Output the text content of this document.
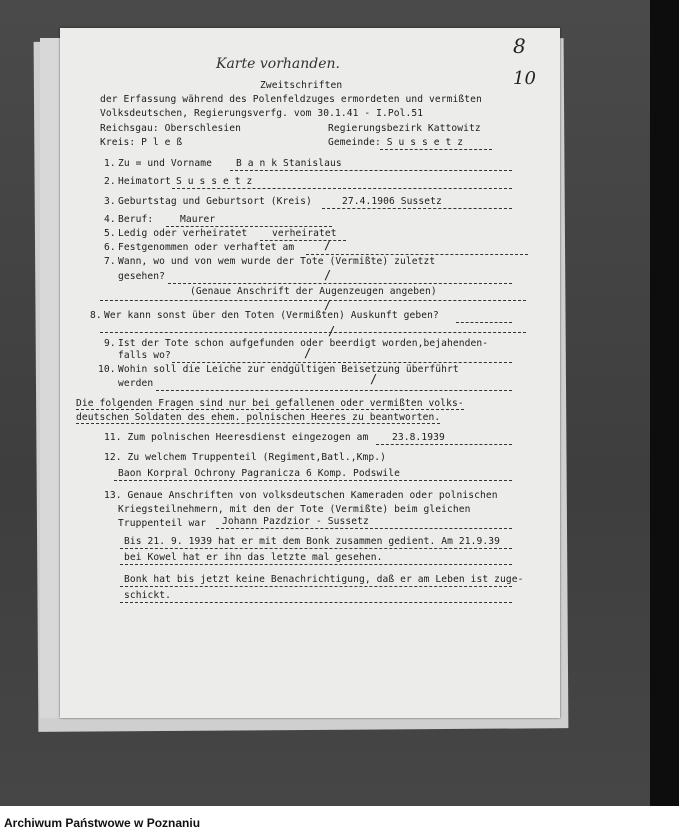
8
10
Karte vorhanden.
Zweitschriften
der Erfassung während des Polenfeldzuges ermordeten und vermißten
Volksdeutschen, Regierungsverfg. vom 30.1.41 - I.Pol.51
Reichsgau: Oberschlesien	Regierungsbezirk Kattowitz
Kreis: P l e ß	Gemeinde: S u s s e t z
1. Zu = und Vorname B a n k Stanislaus
2. Heimatort S u s s e t z
3. Geburtstag und Geburtsort (Kreis)	27.4.1906 Sussetz
4. Beruf:	Maurer
5. Ledig oder verheiratet	verheiratet
6. Festgenommen oder verhaftet am /
7. Wann, wo und von wem wurde der Tote (Vermißte) zuletzt
gesehen?	/
(Genaue Anschrift der Augenzeugen angeben)
/
8. Wer kann sonst über den Toten (Vermißten) Auskunft geben?
/
9. Ist der Tote schon aufgefunden oder beerdigt worden,bejahenden-
falls wo?	/
10. Wohin soll die Leiche zur endgültigen Beisetzung überführt
werden	/
Die folgenden Fragen sind nur bei gefallenen oder vermißten volks-
deutschen Soldaten des ehem. polnischen Heeres zu beantworten.
11. Zum polnischen Heeresdienst eingezogen am 23.8.1939
12. Zu welchem Truppenteil (Regiment,Batl.,Kmp.)
Baon Korpral Ochrony Pagranicza 6 Komp. Podswile
13. Genaue Anschriften von volksdeutschen Kameraden oder polnischen
Kriegsteilnehmern, mit den der Tote (Vermißte) beim gleichen
Truppenteil war Johann Pazdzior - Sussetz
Bis 21. 9. 1939 hat er mit dem Bonk zusammen gedient. Am 21.9.39
bei Kowel hat er ihn das letzte mal gesehen.
Bonk hat bis jetzt keine Benachrichtigung, daß er am Leben ist zuge-
schickt.
Archiwum Państwowe w Poznaniu
